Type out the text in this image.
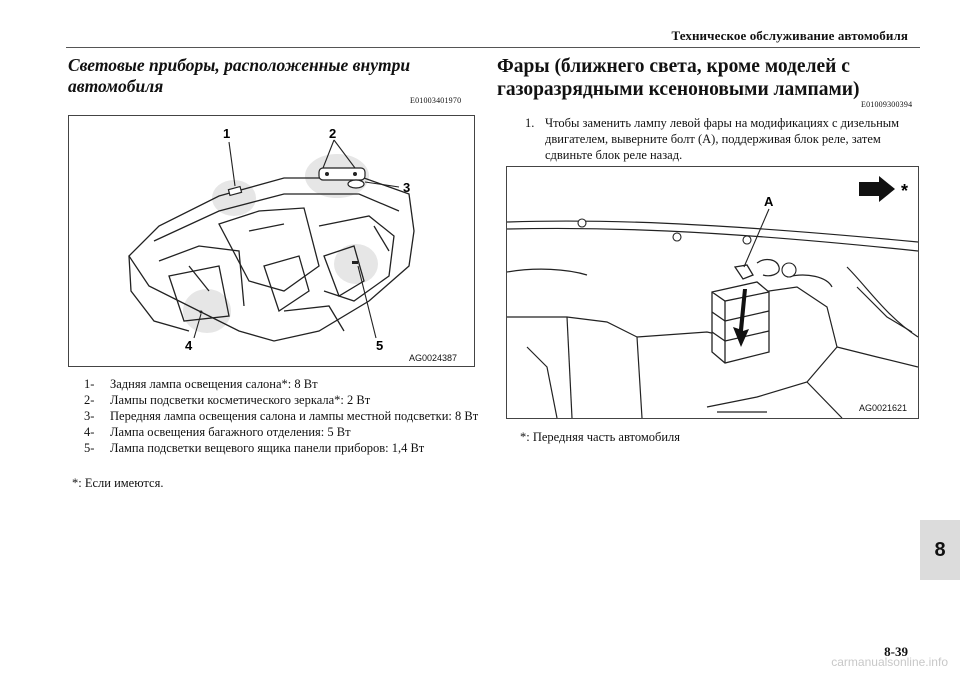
Техническое обслуживание автомобиля
Световые приборы, расположенные внутри автомобиля
E01003401970
1	2
3
4	5
AG0024387
1-	Задняя лампа освещения салона*: 8 Вт
2-	Лампы подсветки косметического зеркала*: 2 Вт
3-	Передняя лампа освещения салона и лампы местной подсветки: 8 Вт
4-	Лампа освещения багажного отделения: 5 Вт
5-	Лампа подсветки вещевого ящика панели приборов: 1,4 Вт
*: Если имеются.
Фары (ближнего света, кроме моделей с газоразрядными ксеноновыми лампами)
E01009300394
1. Чтобы заменить лампу левой фары на модификациях с дизельным двигателем, выверните болт (A), поддерживая блок реле, затем сдвиньте блок реле назад.
A
*
AG0021621
*: Передняя часть автомобиля
8
8-39
carmanualsonline.info
